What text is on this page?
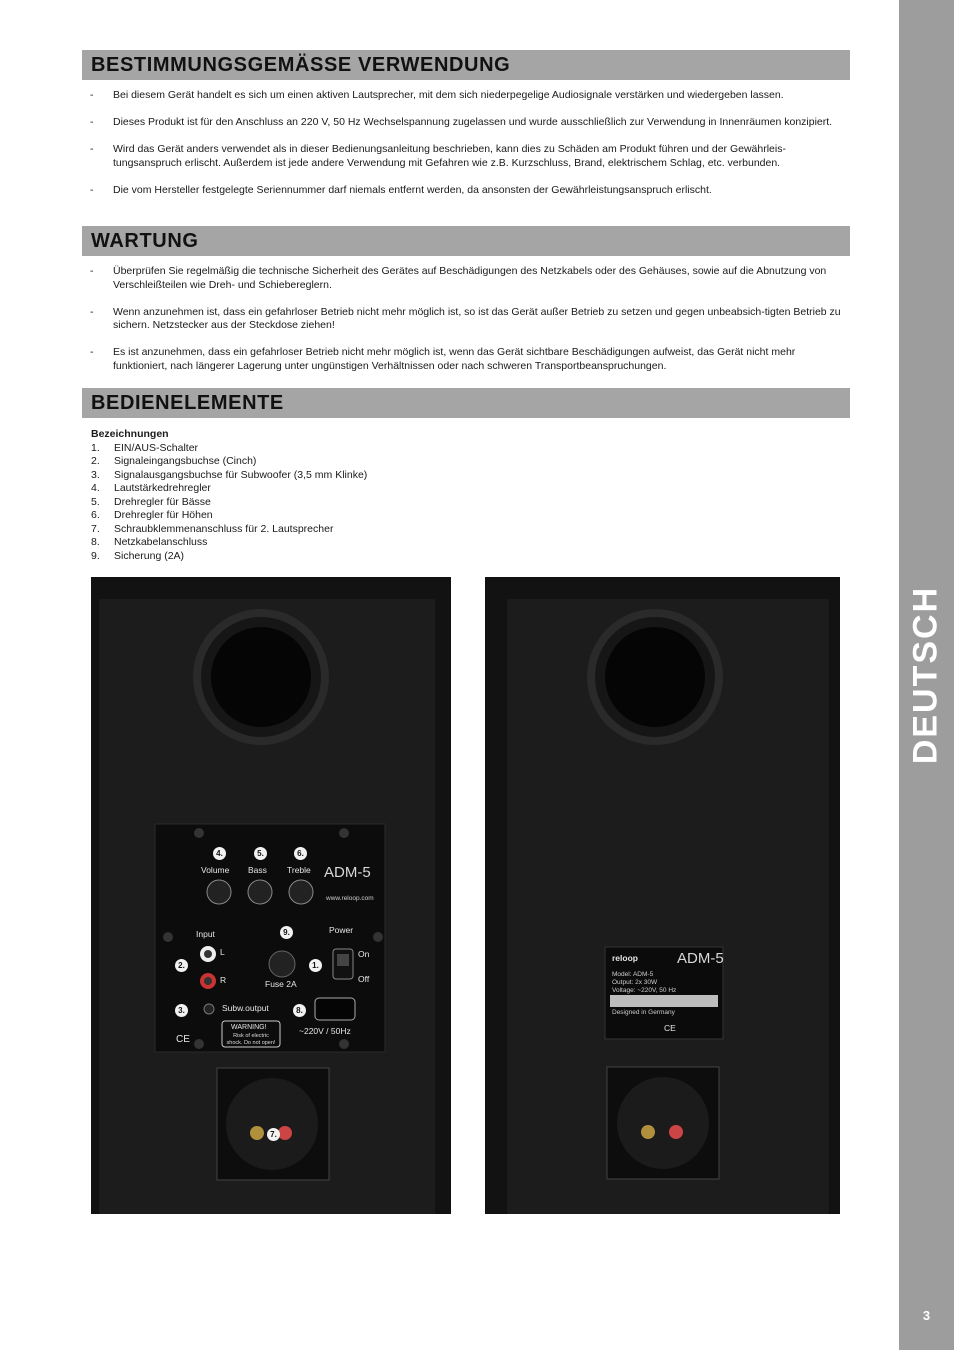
DEUTSCH
3
BESTIMMUNGSGEMÄSSE VERWENDUNG
-	Bei diesem Gerät handelt es sich um einen aktiven Lautsprecher, mit dem sich niederpegelige Audiosignale verstärken und wiedergeben lassen.
-	Dieses Produkt ist für den Anschluss an 220 V, 50 Hz Wechselspannung zugelassen und wurde ausschließlich zur Verwendung in Innenräumen konzipiert.
-	Wird das Gerät anders verwendet als in dieser Bedienungsanleitung beschrieben, kann dies zu Schäden am Produkt führen und der Gewährleis-tungsanspruch erlischt. Außerdem ist jede andere Verwendung mit Gefahren wie z.B. Kurzschluss, Brand, elektrischem Schlag, etc. verbunden.
-	Die vom Hersteller festgelegte Seriennummer darf niemals entfernt werden, da ansonsten der Gewährleistungsanspruch erlischt.
WARTUNG
-	Überprüfen Sie regelmäßig die technische Sicherheit des Gerätes auf Beschädigungen des Netzkabels oder des Gehäuses, sowie auf die Abnutzung von Verschleißteilen wie Dreh- und Schiebereglern.
-	Wenn anzunehmen ist, dass ein gefahrloser Betrieb nicht mehr möglich ist, so ist das Gerät außer Betrieb zu setzen und gegen unbeabsich-tigten Betrieb zu sichern. Netzstecker aus der Steckdose ziehen!
-	Es ist anzunehmen, dass ein gefahrloser Betrieb nicht mehr möglich ist, wenn das Gerät sichtbare Beschädigungen aufweist, das Gerät nicht mehr funktioniert, nach längerer Lagerung unter ungünstigen Verhältnissen oder nach schweren Transportbeanspruchungen.
BEDIENELEMENTE
Bezeichnungen
1.	EIN/AUS-Schalter
2.	Signaleingangsbuchse (Cinch)
3.	Signalausgangsbuchse für Subwoofer (3,5 mm Klinke)
4.	Lautstärkedrehregler
5.	Drehregler für Bässe
6.	Drehregler für Höhen
7.	Schraubklemmenanschluss für 2. Lautsprecher
8.	Netzkabelanschluss
9.	Sicherung (2A)
4.	5.	6.
9.
2.	1.
3.	8.
7.
Volume Bass Treble ADM-5
www.reloop.com
Input
L
R	Fuse 2A
Power
On
Off
Subw.output
WARNING!
Risk of electric shock. Do not open!
~220V / 50Hz
CE
reloop	ADM-5
Model: ADM-5
Output: 2x 30W
Voltage: ~220V, 50 Hz
Designed in Germany
CE
